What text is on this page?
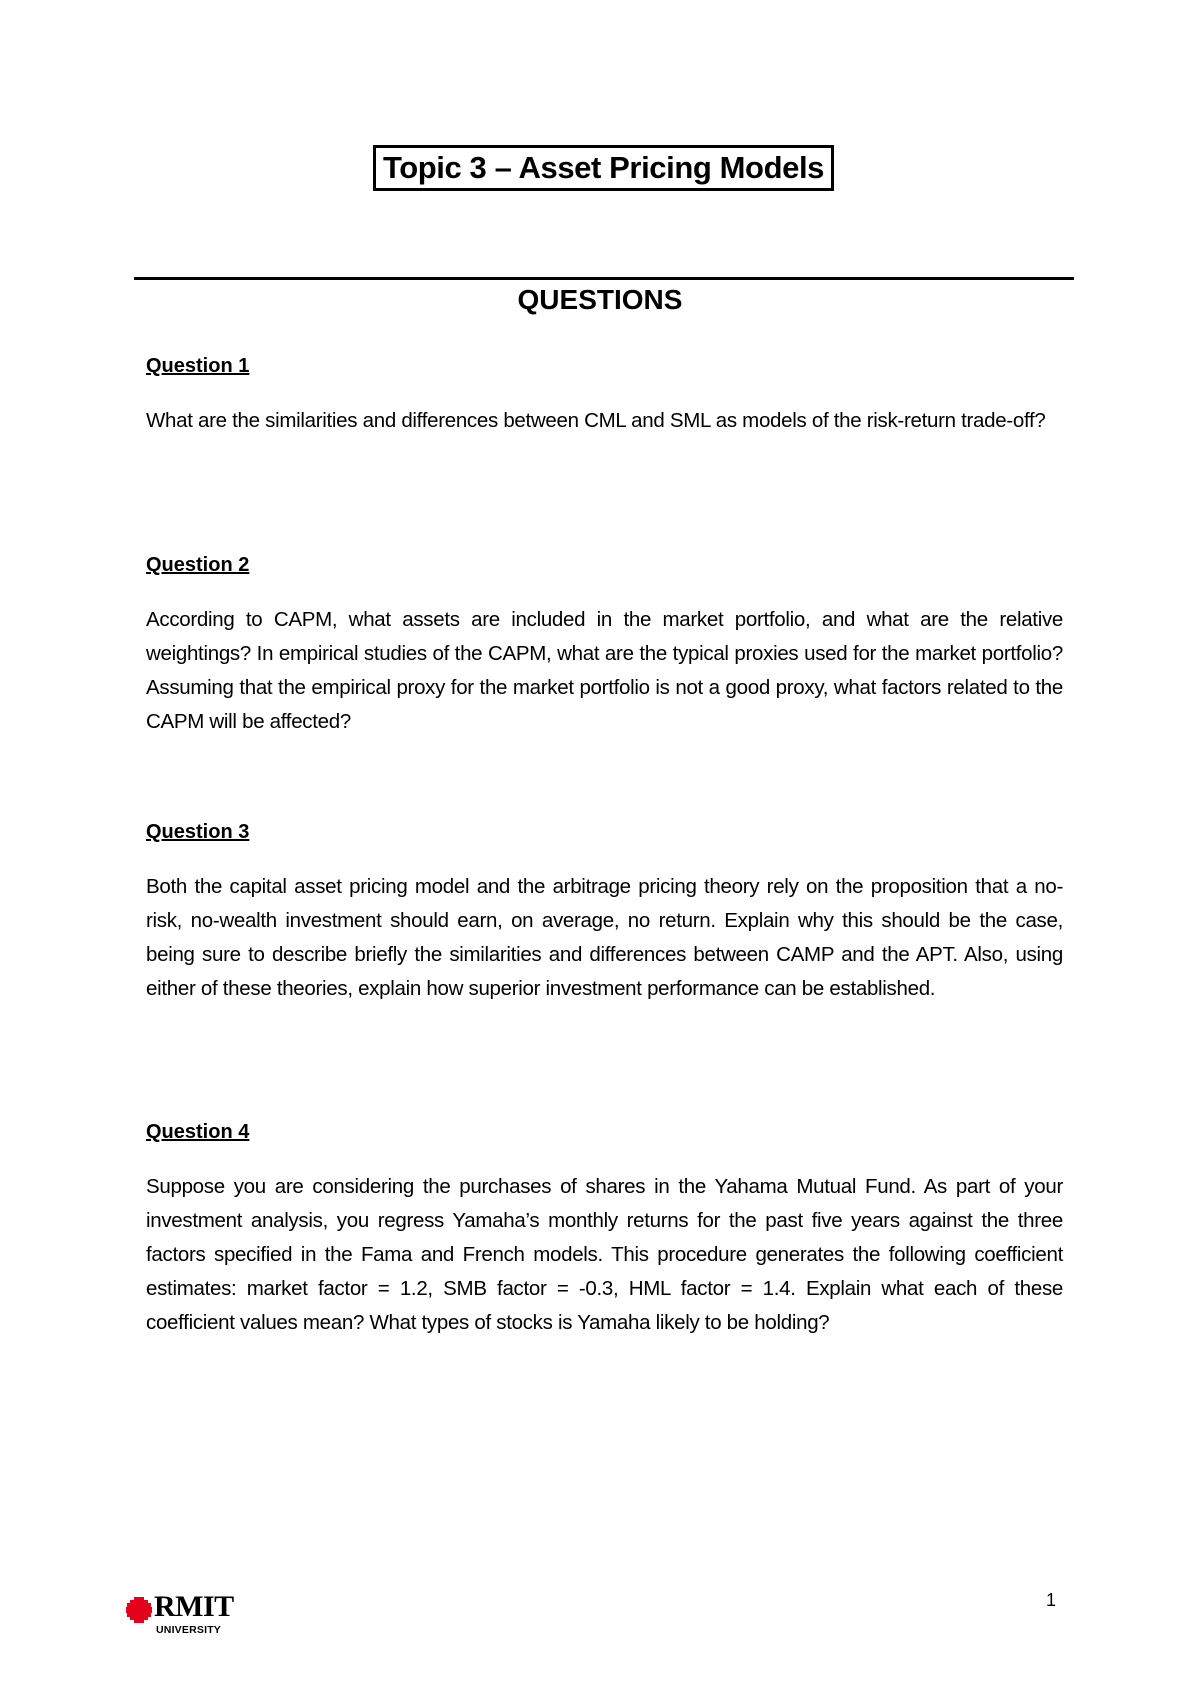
Topic 3 – Asset Pricing Models
QUESTIONS

Question 1

What are the similarities and differences between CML and SML as models of the risk-return trade-off?

Question 2

According to CAPM, what assets are included in the market portfolio, and what are the relative weightings? In empirical studies of the CAPM, what are the typical proxies used for the market portfolio? Assuming that the empirical proxy for the market portfolio is not a good proxy, what factors related to the CAPM will be affected?

Question 3

Both the capital asset pricing model and the arbitrage pricing theory rely on the proposition that a no-risk, no-wealth investment should earn, on average, no return. Explain why this should be the case, being sure to describe briefly the similarities and differences between CAMP and the APT. Also, using either of these theories, explain how superior investment performance can be established.

Question 4

Suppose you are considering the purchases of shares in the Yahama Mutual Fund. As part of your investment analysis, you regress Yamaha’s monthly returns for the past five years against the three factors specified in the Fama and French models. This procedure generates the following coefficient estimates: market factor = 1.2, SMB factor = -0.3, HML factor = 1.4. Explain what each of these coefficient values mean? What types of stocks is Yamaha likely to be holding?

RMIT
UNIVERSITY
1
